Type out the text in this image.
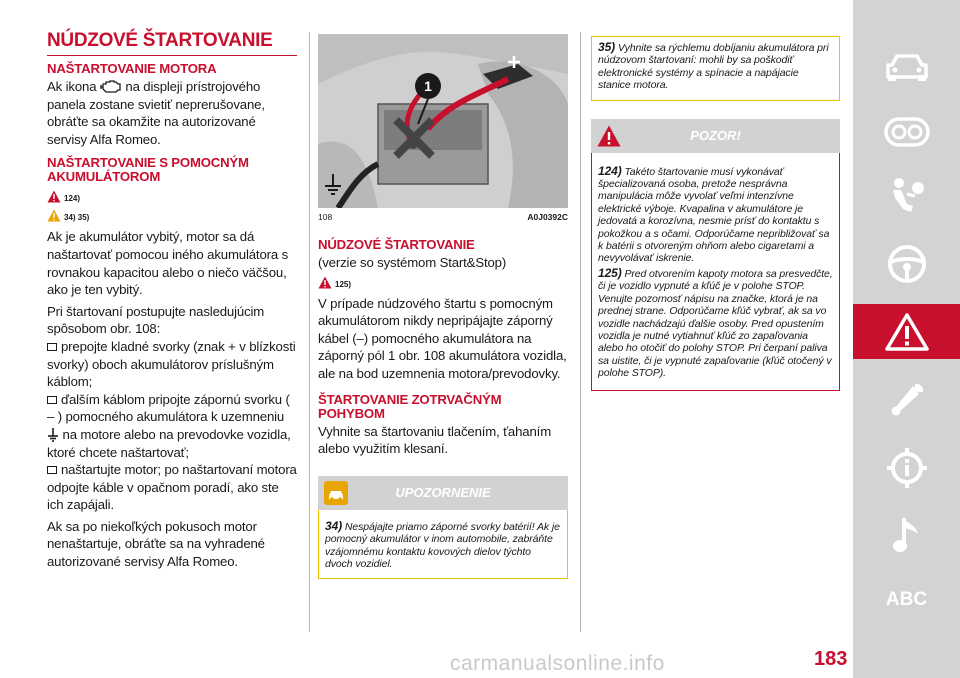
NÚDZOVÉ ŠTARTOVANIE
NAŠTARTOVANIE MOTORA

Ak ikona na displeji prístrojového panela zostane svietiť neprerušovane, obráťte sa okamžite na autorizované servisy Alfa Romeo.

NAŠTARTOVANIE S POMOCNÝM AKUMULÁTOROM
124)
34) 35)

Ak je akumulátor vybitý, motor sa dá naštartovať pomocou iného akumulátora s rovnakou kapacitou alebo o niečo väčšou, ako je ten vybitý.

Pri štartovaní postupujte nasledujúcim spôsobom obr. 108:

prepojte kladné svorky (znak + v blízkosti svorky) oboch akumulátorov príslušným káblom;
ďalším káblom pripojte zápornú svorku ( – ) pomocného akumulátora k uzemneniu  na motore alebo na prevodovke vozidla, ktoré chcete naštartovať;
naštartujte motor; po naštartovaní motora odpojte káble v opačnom poradí, ako ste ich zapájali.

Ak sa po niekoľkých pokusoch motor nenaštartuje, obráťte sa na vyhradené autorizované servisy Alfa Romeo.

1
108	A0J0392C
NÚDZOVÉ ŠTARTOVANIE

(verzie so systémom Start&Stop)

125)

V prípade núdzového štartu s pomocným akumulátorom nikdy nepripájajte záporný kábel (–) pomocného akumulátora na záporný pól 1 obr. 108 akumulátora vozidla, ale na bod uzemnenia motora/prevodovky.

ŠTARTOVANIE ZOTRVAČNÝM POHYBOM

Vyhnite sa štartovaniu tlačením, ťahaním alebo využitím klesaní.

UPOZORNENIE

34) Nespájajte priamo záporné svorky batérií! Ak je pomocný akumulátor v inom automobile, zabráňte vzájomnému kontaktu kovových dielov týchto dvoch vozidiel.

35) Vyhnite sa rýchlemu dobíjaniu akumulátora pri núdzovom štartovaní: mohli by sa poškodiť elektronické systémy a spínacie a napájacie stanice motora.

POZOR!

124) Takéto štartovanie musí vykonávať špecializovaná osoba, pretože nesprávna manipulácia môže vyvolať veľmi intenzívne elektrické výboje. Kvapalina v akumulátore je jedovatá a korozívna, nesmie prísť do kontaktu s pokožkou a s očami. Odporúčame nepribližovať sa k batérii s otvoreným ohňom alebo cigaretami a nevyvolávať iskrenie.

125) Pred otvorením kapoty motora sa presvedčte, či je vozidlo vypnuté a kľúč je v polohe STOP. Venujte pozornosť nápisu na značke, ktorá je na prednej strane. Odporúčame kľúč vybrať, ak sa vo vozidle nachádzajú ďalšie osoby. Pred opustením vozidla je nutné vytiahnuť kľúč zo zapaľovania alebo ho otočiť do polohy STOP. Pri čerpaní paliva sa uistite, či je vypnuté zapaľovanie (kľúč otočený v polohe STOP).

ABC
carmanualsonline.info	183
